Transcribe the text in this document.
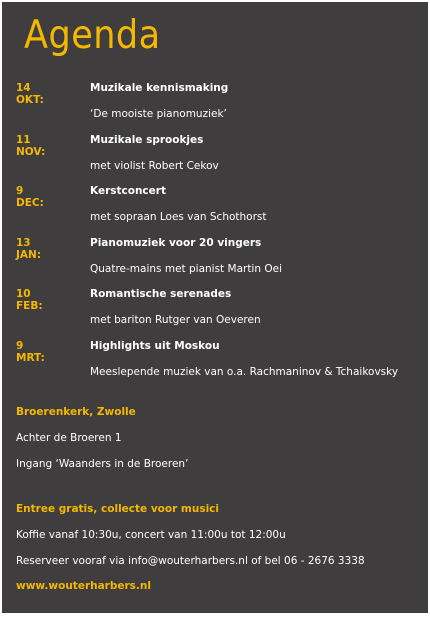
Agenda
14 OKT:
Muzikale kennismaking
‘De mooiste pianomuziek’
11 NOV:
Muzikale sprookjes
met violist Robert Cekov
9 DEC:
Kerstconcert
met sopraan Loes van Schothorst
13 JAN:
Pianomuziek voor 20 vingers
Quatre-mains met pianist Martin Oei
10 FEB:
Romantische serenades
met bariton Rutger van Oeveren
9 MRT:
Highlights uit Moskou
Meeslepende muziek van o.a. Rachmaninov & Tchaikovsky
Broerenkerk, Zwolle
Achter de Broeren 1
Ingang ‘Waanders in de Broeren’
Entree gratis, collecte voor musici
Koffie vanaf 10:30u, concert van 11:00u tot 12:00u
Reserveer vooraf via info@wouterharbers.nl of bel 06 - 2676 3338
www.wouterharbers.nl
